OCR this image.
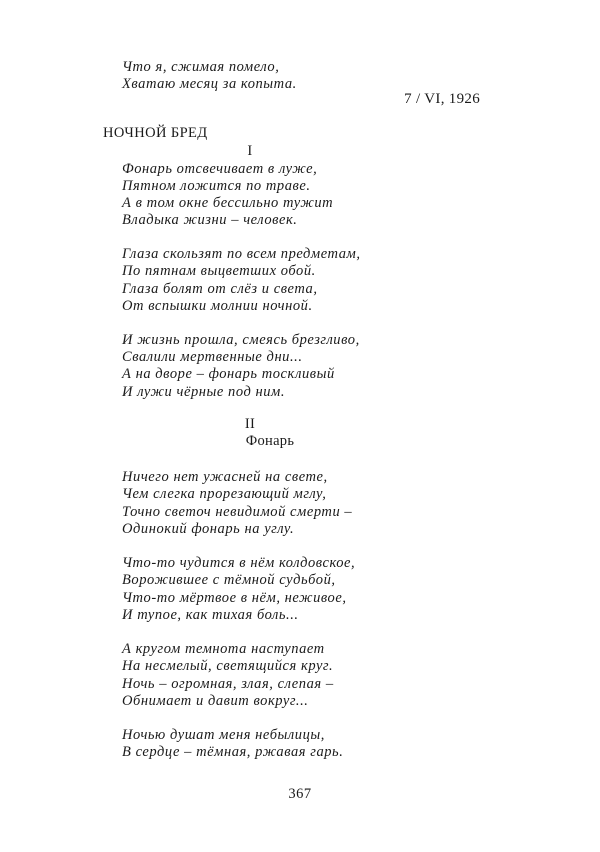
Что я, сжимая помело,
Хватаю месяц за копыта.
7 / VI, 1926
НОЧНОЙ БРЕД
I
Фонарь отсвечивает в луже,
Пятном ложится по траве.
А в том окне бессильно тужит
Владыка жизни – человек.
Глаза скользят по всем предметам,
По пятнам выцветших обой.
Глаза болят от слёз и света,
От вспышки молнии ночной.
И жизнь прошла, смеясь брезгливо,
Свалили мертвенные дни...
А на дворе – фонарь тоскливый
И лужи чёрные под ним.
II
Фонарь
Ничего нет ужасней на свете,
Чем слегка прорезающий мглу,
Точно светоч невидимой смерти –
Одинокий фонарь на углу.
Что-то чудится в нём колдовское,
Ворожившее с тёмной судьбой,
Что-то мёртвое в нём, неживое,
И тупое, как тихая боль...
А кругом темнота наступает
На несмелый, светящийся круг.
Ночь – огромная, злая, слепая –
Обнимает и давит вокруг...
Ночью душат меня небылицы,
В сердце – тёмная, ржавая гарь.
367
